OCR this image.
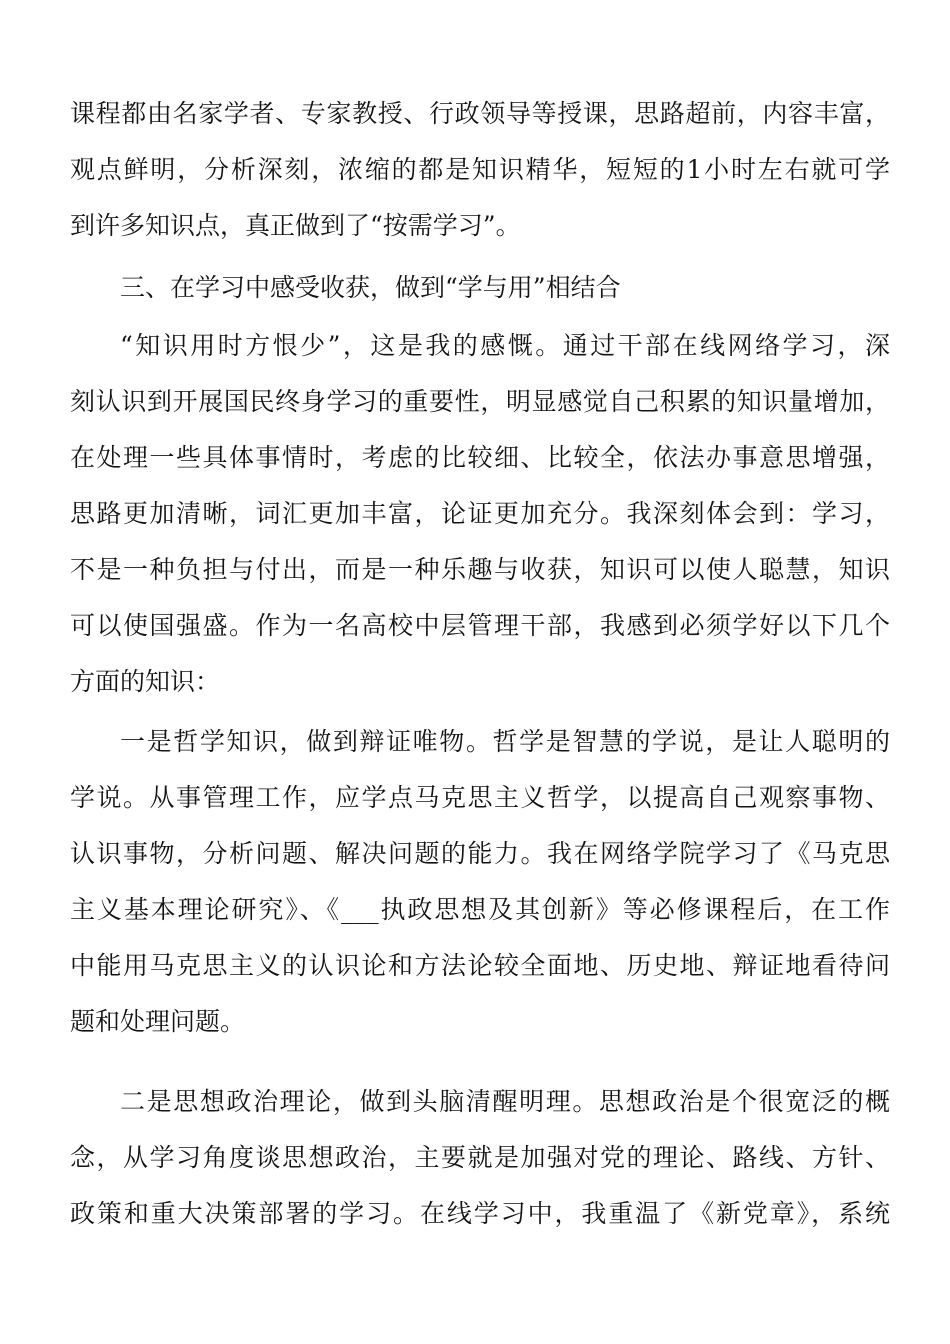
课程都由名家学者、专家教授、行政领导等授课，思路超前，内容丰富，
观点鲜明，分析深刻，浓缩的都是知识精华，短短的1小时左右就可学
到许多知识点，真正做到了“按需学习”。
三、在学习中感受收获，做到“学与用”相结合
“知识用时方恨少”，这是我的感慨。通过干部在线网络学习，深
刻认识到开展国民终身学习的重要性，明显感觉自己积累的知识量增加，
在处理一些具体事情时，考虑的比较细、比较全，依法办事意思增强，
思路更加清晰，词汇更加丰富，论证更加充分。我深刻体会到：学习，
不是一种负担与付出，而是一种乐趣与收获，知识可以使人聪慧，知识
可以使国强盛。作为一名高校中层管理干部，我感到必须学好以下几个
方面的知识：
一是哲学知识，做到辩证唯物。哲学是智慧的学说，是让人聪明的
学说。从事管理工作，应学点马克思主义哲学，以提高自己观察事物、
认识事物，分析问题、解决问题的能力。我在网络学院学习了《马克思
主义基本理论研究》、《___执政思想及其创新》等必修课程后，在工作
中能用马克思主义的认识论和方法论较全面地、历史地、辩证地看待问
题和处理问题。
二是思想政治理论，做到头脑清醒明理。思想政治是个很宽泛的概
念，从学习角度谈思想政治，主要就是加强对党的理论、路线、方针、
政策和重大决策部署的学习。在线学习中，我重温了《新党章》，系统
